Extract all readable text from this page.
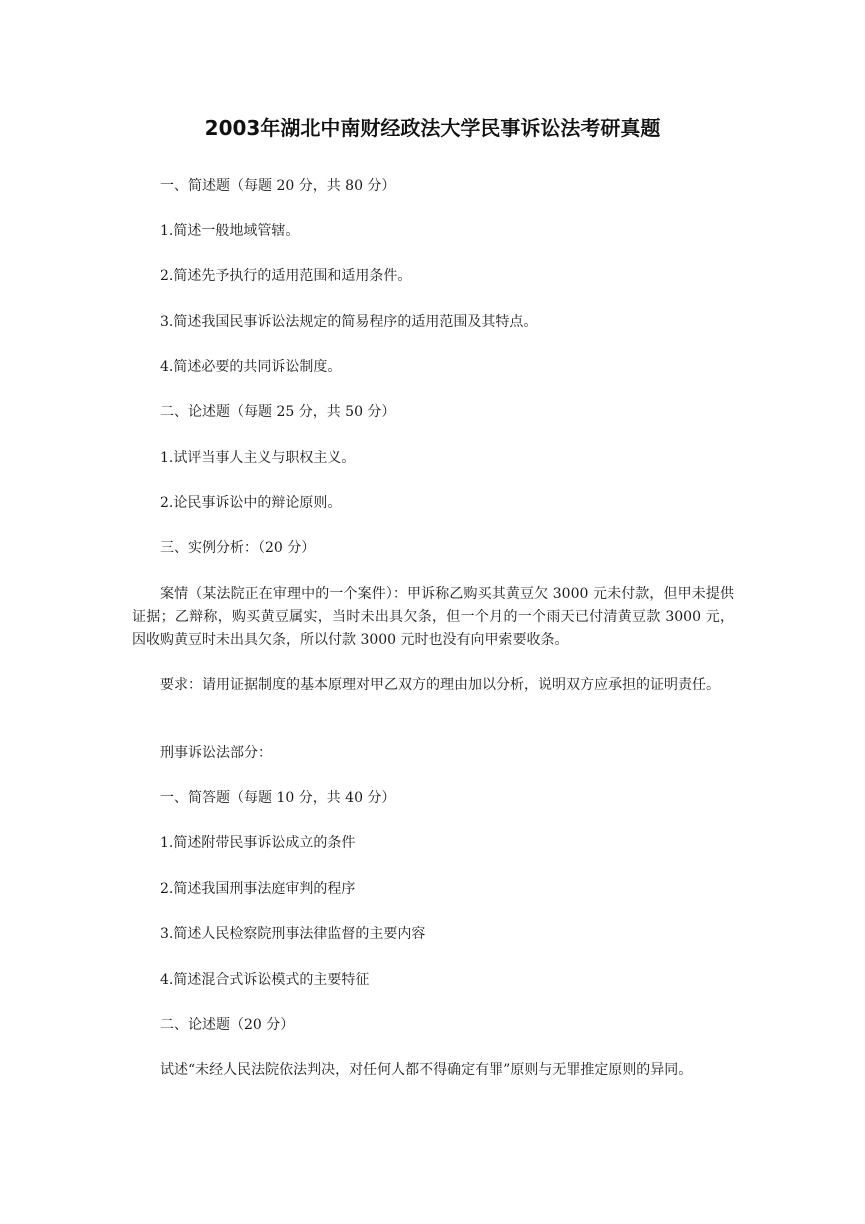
2003年湖北中南财经政法大学民事诉讼法考研真题

一、简述题（每题 20 分，共 80 分）

1.简述一般地域管辖。

2.简述先予执行的适用范围和适用条件。

3.简述我国民事诉讼法规定的简易程序的适用范围及其特点。

4.简述必要的共同诉讼制度。

二、论述题（每题 25 分，共 50 分）

1.试评当事人主义与职权主义。

2.论民事诉讼中的辩论原则。

三、实例分析：（20 分）

案情（某法院正在审理中的一个案件）：甲诉称乙购买其黄豆欠 3000 元未付款，但甲未提供证据；乙辩称，购买黄豆属实，当时未出具欠条，但一个月的一个雨天已付清黄豆款 3000 元，因收购黄豆时未出具欠条，所以付款 3000 元时也没有向甲索要收条。

要求：请用证据制度的基本原理对甲乙双方的理由加以分析，说明双方应承担的证明责任。

刑事诉讼法部分：

一、简答题（每题 10 分，共 40 分）

1.简述附带民事诉讼成立的条件

2.简述我国刑事法庭审判的程序

3.简述人民检察院刑事法律监督的主要内容

4.简述混合式诉讼模式的主要特征

二、论述题（20 分）

试述“未经人民法院依法判决，对任何人都不得确定有罪”原则与无罪推定原则的异同。
